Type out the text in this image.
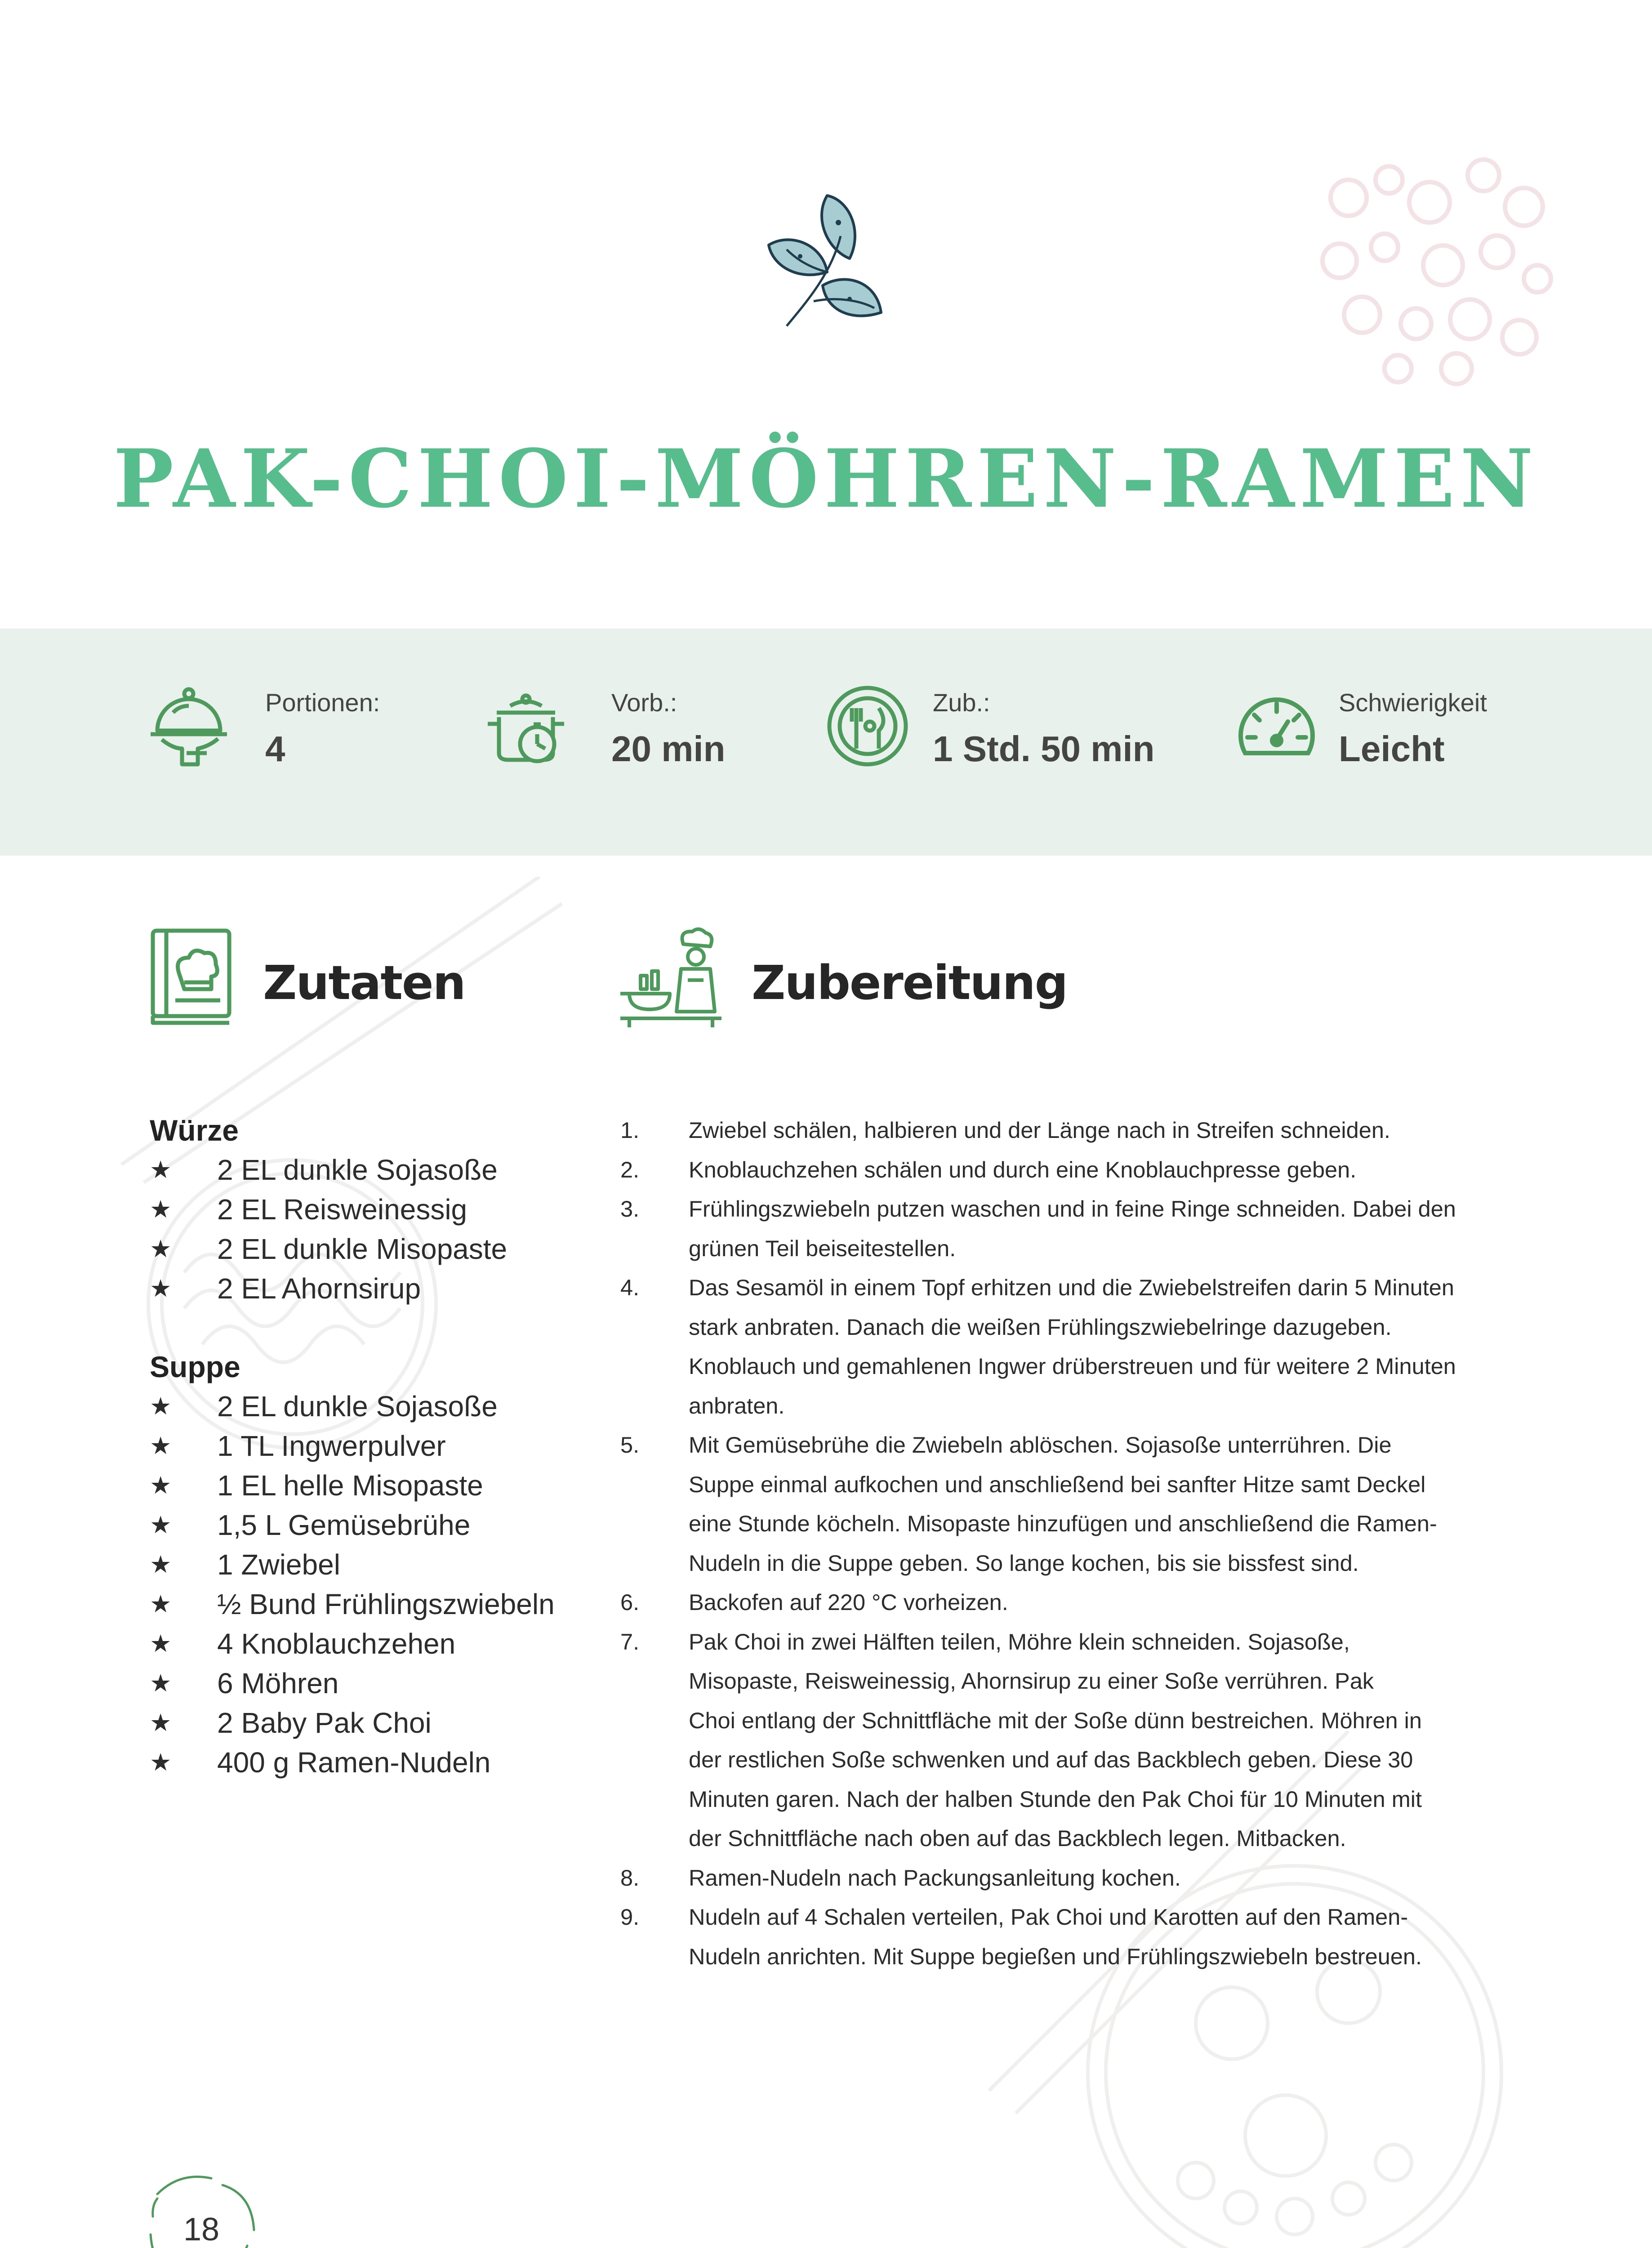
PAK-CHOI-MÖHREN-RAMEN
Portionen:
4
Vorb.:
20 min
Zub.:
1 Std. 50 min
Schwierigkeit
Leicht
Zutaten	Zubereitung
Würze
★ 2 EL dunkle Sojasoße
★ 2 EL Reisweinessig
★ 2 EL dunkle Misopaste
★ 2 EL Ahornsirup
Suppe
★ 2 EL dunkle Sojasoße
★ 1 TL Ingwerpulver
★ 1 EL helle Misopaste
★ 1,5 L Gemüsebrühe
★ 1 Zwiebel
★ ½ Bund Frühlingszwiebeln
★ 4 Knoblauchzehen
★ 6 Möhren
★ 2 Baby Pak Choi
★ 400 g Ramen-Nudeln
1. Zwiebel schälen, halbieren und der Länge nach in Streifen schneiden.
2. Knoblauchzehen schälen und durch eine Knoblauchpresse geben.
3. Frühlingszwiebeln putzen waschen und in feine Ringe schneiden. Dabei den
grünen Teil beiseitestellen.
4. Das Sesamöl in einem Topf erhitzen und die Zwiebelstreifen darin 5 Minuten
stark anbraten. Danach die weißen Frühlingszwiebelringe dazugeben.
Knoblauch und gemahlenen Ingwer drüberstreuen und für weitere 2 Minuten
anbraten.
5. Mit Gemüsebrühe die Zwiebeln ablöschen. Sojasoße unterrühren. Die
Suppe einmal aufkochen und anschließend bei sanfter Hitze samt Deckel
eine Stunde köcheln. Misopaste hinzufügen und anschließend die Ramen-
Nudeln in die Suppe geben. So lange kochen, bis sie bissfest sind.
6. Backofen auf 220 °C vorheizen.
7. Pak Choi in zwei Hälften teilen, Möhre klein schneiden. Sojasoße,
Misopaste, Reisweinessig, Ahornsirup zu einer Soße verrühren. Pak
Choi entlang der Schnittfläche mit der Soße dünn bestreichen. Möhren in
der restlichen Soße schwenken und auf das Backblech geben. Diese 30
Minuten garen. Nach der halben Stunde den Pak Choi für 10 Minuten mit
der Schnittfläche nach oben auf das Backblech legen. Mitbacken.
8. Ramen-Nudeln nach Packungsanleitung kochen.
9. Nudeln auf 4 Schalen verteilen, Pak Choi und Karotten auf den Ramen-
Nudeln anrichten. Mit Suppe begießen und Frühlingszwiebeln bestreuen.
18
